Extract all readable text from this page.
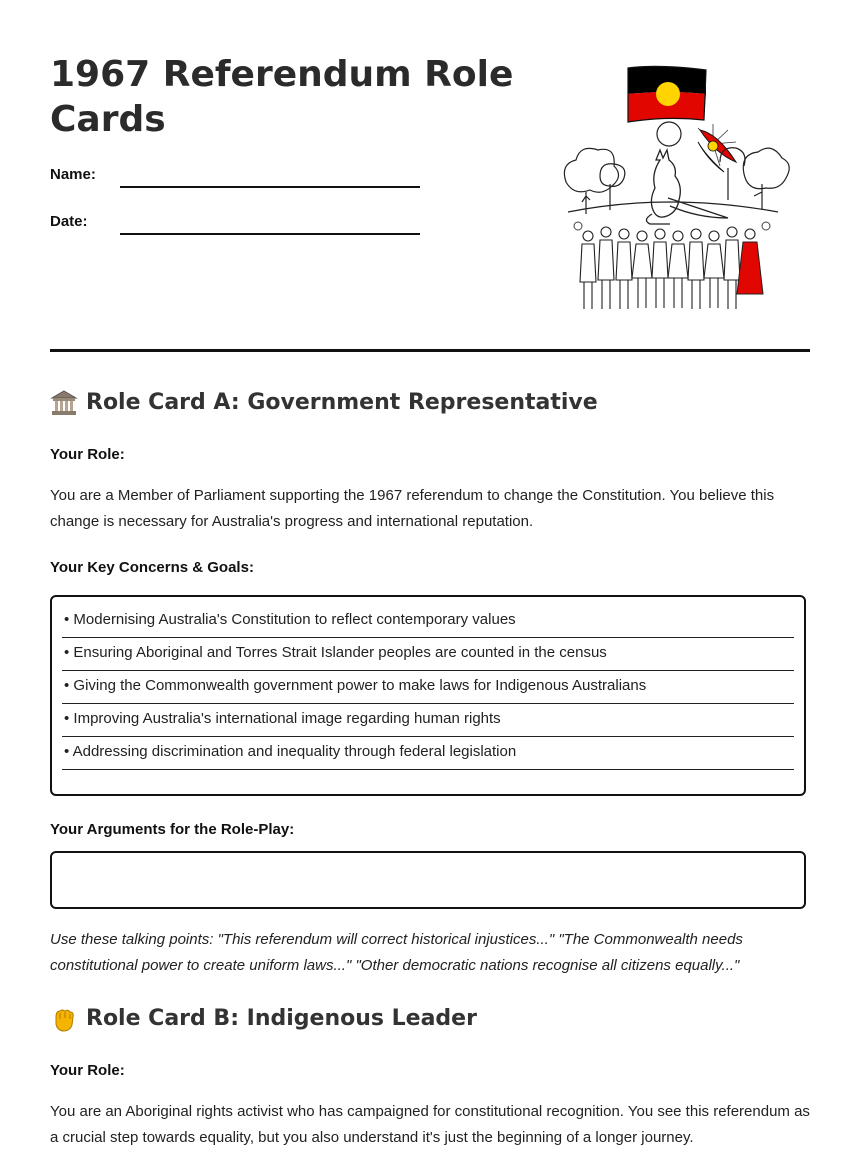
1967 Referendum Role Cards
Name:
Date:
Role Card A: Government Representative
Your Role:

You are a Member of Parliament supporting the 1967 referendum to change the Constitution. You believe this change is necessary for Australia's progress and international reputation.

Your Key Concerns & Goals:
• Modernising Australia's Constitution to reflect contemporary values
• Ensuring Aboriginal and Torres Strait Islander peoples are counted in the census
• Giving the Commonwealth government power to make laws for Indigenous Australians
• Improving Australia's international image regarding human rights
• Addressing discrimination and inequality through federal legislation
Your Arguments for the Role-Play:

Use these talking points: "This referendum will correct historical injustices..." "The Commonwealth needs constitutional power to create uniform laws..." "Other democratic nations recognise all citizens equally..."

Role Card B: Indigenous Leader
Your Role:

You are an Aboriginal rights activist who has campaigned for constitutional recognition. You see this referendum as a crucial step towards equality, but you also understand it's just the beginning of a longer journey.
